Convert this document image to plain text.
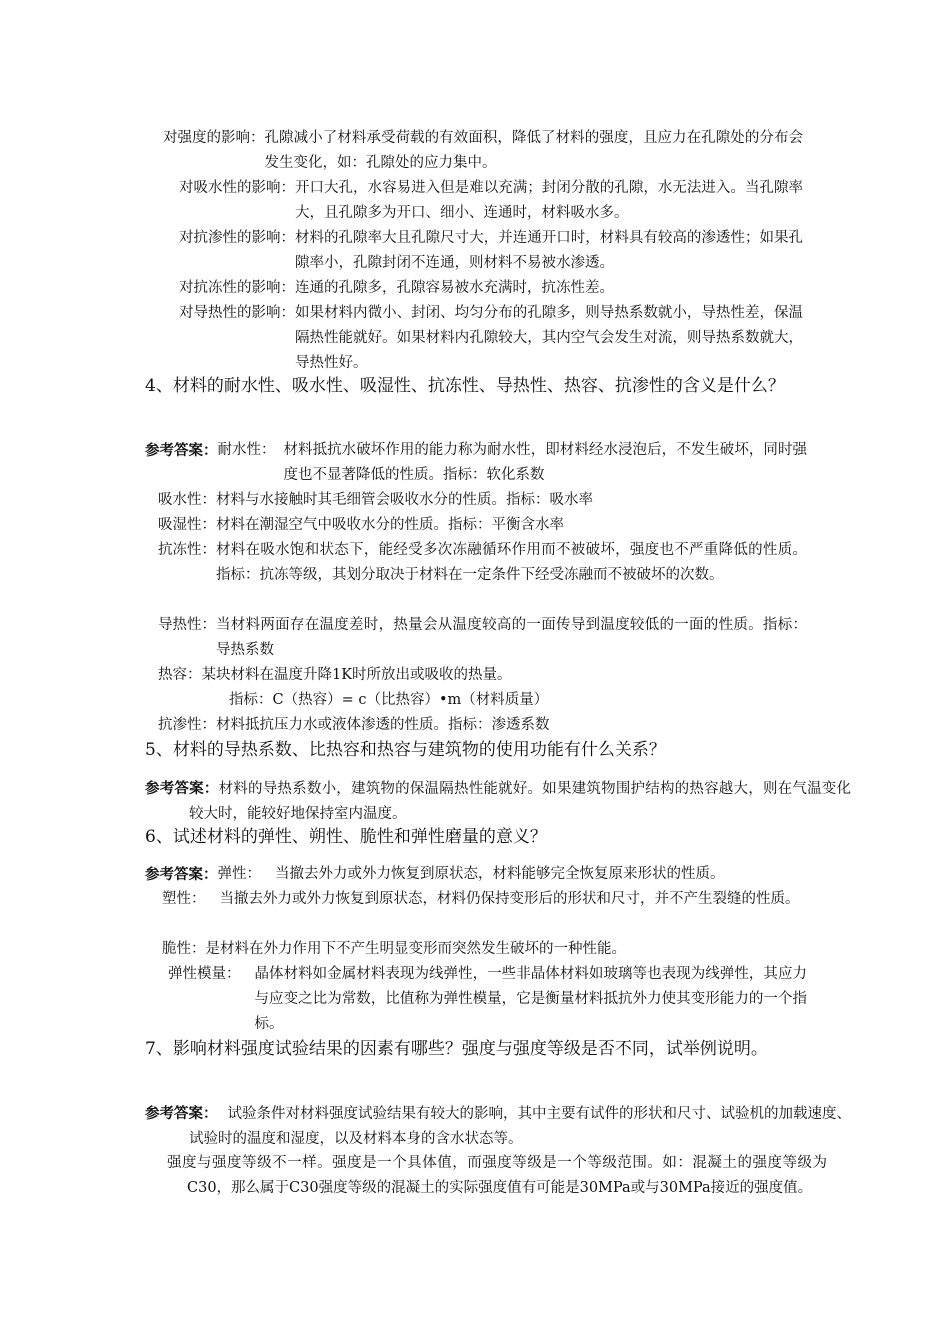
对强度的影响： 孔隙减小了材料承受荷载的有效面积，降低了材料的强度，且应力在孔隙处的分布会发生变化，如：孔隙处的应力集中。
对吸水性的影响： 开口大孔，水容易进入但是难以充满；封闭分散的孔隙，水无法进入。当孔隙率大，且孔隙多为开口、细小、连通时，材料吸水多。
对抗渗性的影响： 材料的孔隙率大且孔隙尺寸大，并连通开口时，材料具有较高的渗透性；如果孔隙率小，孔隙封闭不连通，则材料不易被水渗透。
对抗冻性的影响： 连通的孔隙多，孔隙容易被水充满时，抗冻性差。
对导热性的影响： 如果材料内微小、封闭、均匀分布的孔隙多，则导热系数就小，导热性差，保温隔热性能就好。如果材料内孔隙较大，其内空气会发生对流，则导热系数就大，导热性好。
4、材料的耐水性、吸水性、吸湿性、抗冻性、导热性、热容、抗渗性的含义是什么？
参考答案： 耐水性： 材料抵抗水破坏作用的能力称为耐水性，即材料经水浸泡后，不发生破坏，同时强度也不显著降低的性质。指标：软化系数
吸水性： 材料与水接触时其毛细管会吸收水分的性质。指标：吸水率
吸湿性： 材料在潮湿空气中吸收水分的性质。指标：平衡含水率
抗冻性： 材料在吸水饱和状态下，能经受多次冻融循环作用而不被破坏，强度也不严重降低的性质。指标：抗冻等级，其划分取决于材料在一定条件下经受冻融而不被破坏的次数。
导热性： 当材料两面存在温度差时，热量会从温度较高的一面传导到温度较低的一面的性质。指标：导热系数
热容： 某块材料在温度升降1K时所放出或吸收的热量。
指标：C（热容）= c（比热容）•m（材料质量）
抗渗性： 材料抵抗压力水或液体渗透的性质。指标：渗透系数
5、材料的导热系数、比热容和热容与建筑物的使用功能有什么关系？
参考答案：材料的导热系数小，建筑物的保温隔热性能就好。如果建筑物围护结构的热容越大，则在气温变化较大时，能较好地保持室内温度。
6、试述材料的弹性、朔性、脆性和弹性磨量的意义？
参考答案： 弹性： 当撤去外力或外力恢复到原状态，材料能够完全恢复原来形状的性质。
塑性： 当撤去外力或外力恢复到原状态，材料仍保持变形后的形状和尺寸，并不产生裂缝的性质。
脆性： 是材料在外力作用下不产生明显变形而突然发生破坏的一种性能。
弹性模量： 晶体材料如金属材料表现为线弹性，一些非晶体材料如玻璃等也表现为线弹性，其应力与应变之比为常数，比值称为弹性模量，它是衡量材料抵抗外力使其变形能力的一个指标。
7、影响材料强度试验结果的因素有哪些？强度与强度等级是否不同，试举例说明。
参考答案： 试验条件对材料强度试验结果有较大的影响，其中主要有试件的形状和尺寸、试验机的加载速度、试验时的温度和湿度，以及材料本身的含水状态等。
强度与强度等级不一样。强度是一个具体值，而强度等级是一个等级范围。如：混凝土的强度等级为C30，那么属于C30强度等级的混凝土的实际强度值有可能是30MPa或与30MPa接近的强度值。
